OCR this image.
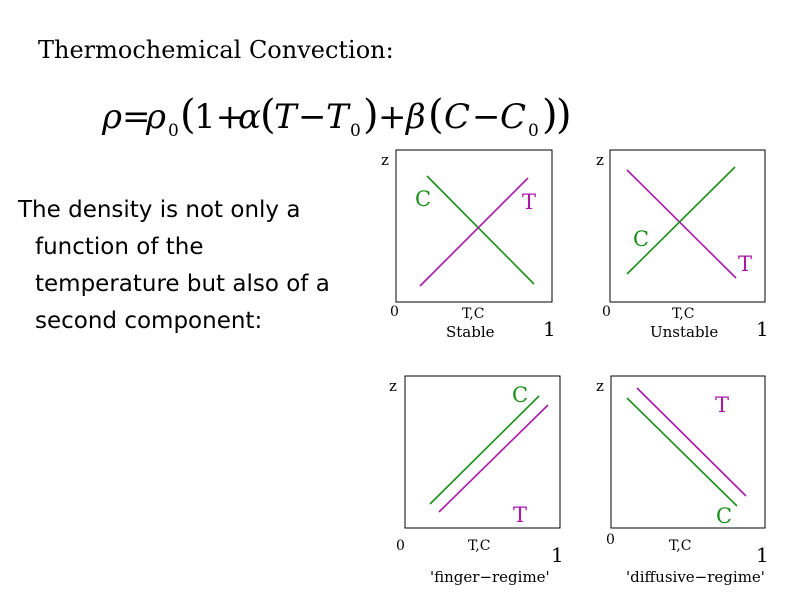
Thermochemical Convection:
ρ =
ρ 0 (
1+
α (
T − T 0 ) + β ( C − C 0 )
)
The density is not only a
function of the
temperature but also of a
second component:
z
0	T,C
1
Stable
C	T
z
0	T,C
1
Unstable
C
T
z
0	T,C	1
'finger−regime'
C
T
z
0	T,C	1
'diffusive−regime'
T
C
